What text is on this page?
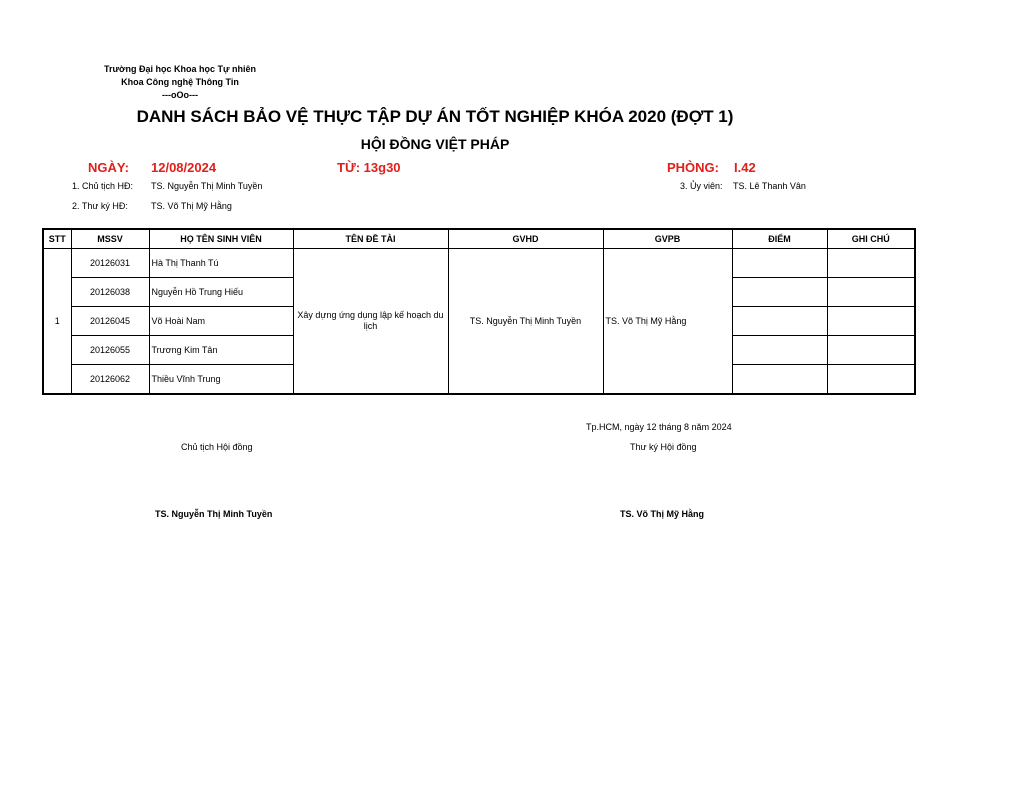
Trường Đại học Khoa học Tự nhiên
Khoa Công nghệ Thông Tin
---oOo---
DANH SÁCH BẢO VỆ THỰC TẬP DỰ ÁN TỐT NGHIỆP KHÓA 2020 (ĐỢT 1)
HỘI ĐỒNG VIỆT PHÁP
NGÀY: 12/08/2024	TỪ: 13g30	PHÒNG: I.42
1. Chủ tịch HĐ: TS. Nguyễn Thị Minh Tuyền
2. Thư ký HĐ:	TS. Võ Thị Mỹ Hằng
3. Ủy viên: TS. Lê Thanh Vân
STT	MSSV	HỌ TÊN SINH VIÊN	TÊN ĐỀ TÀI	GVHD	GVPB	ĐIỂM	GHI CHÚ
1	20126031	Hà Thị Thanh Tú	Xây dựng ứng dụng lập kế hoạch du lịch	TS. Nguyễn Thị Minh Tuyền	TS. Võ Thị Mỹ Hằng		
	20126038	Nguyễn Hồ Trung Hiếu					
	20126045	Võ Hoài Nam					
	20126055	Trương Kim Tân					
	20126062	Thiều Vĩnh Trung					
Tp.HCM, ngày 12 tháng 8 năm 2024
Chủ tịch Hội đồng	Thư ký Hội đồng
TS. Nguyễn Thị Minh Tuyền	TS. Võ Thị Mỹ Hằng
